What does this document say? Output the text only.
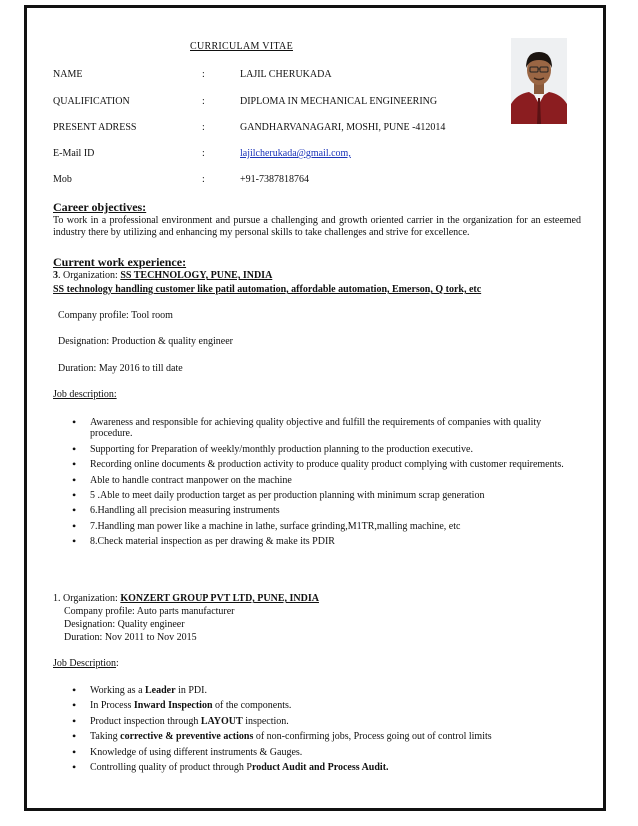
CURRICULAM VITAE
NAME	:	LAJIL CHERUKADA
QUALIFICATION	:	DIPLOMA IN MECHANICAL ENGINEERING
PRESENT ADRESS	:	GANDHARVANAGARI, MOSHI, PUNE -412014
E-Mail ID	:	lajilcherukada@gmail.com,
Mob	:	+91-7387818764
Career objectives:
To work in a professional environment and pursue a challenging and growth oriented carrier in the organization for an esteemed industry there by utilizing and enhancing my personal skills to take challenges and strive for excellence.
Current work experience:
3. Organization: SS TECHNOLOGY, PUNE, INDIA
SS technology handling customer like patil automation, affordable automation, Emerson, Q tork, etc
Company profile: Tool room
Designation: Production & quality engineer
Duration: May 2016 to till date
Job description:
• Awareness and responsible for achieving quality objective and fulfill the requirements of companies with quality procedure.
• Supporting for Preparation of weekly/monthly production planning to the production executive.
• Recording online documents & production activity to produce quality product complying with customer requirements.
• Able to handle contract manpower on the machine
• 5 .Able to meet daily production target as per production planning with minimum scrap generation
• 6.Handling all precision measuring instruments
• 7.Handling man power like a machine in lathe, surface grinding,M1TR,malling machine, etc
• 8.Check material inspection as per drawing & make its PDIR
1. Organization: KONZERT GROUP PVT LTD, PUNE, INDIA
Company profile: Auto parts manufacturer
Designation: Quality engineer
Duration: Nov 2011 to Nov 2015
Job Description:
• Working as a Leader in PDI.
• In Process Inward Inspection of the components.
• Product inspection through LAYOUT inspection.
• Taking corrective & preventive actions of non-confirming jobs, Process going out of control limits
• Knowledge of using different instruments & Gauges.
• Controlling quality of product through Product Audit and Process Audit.
